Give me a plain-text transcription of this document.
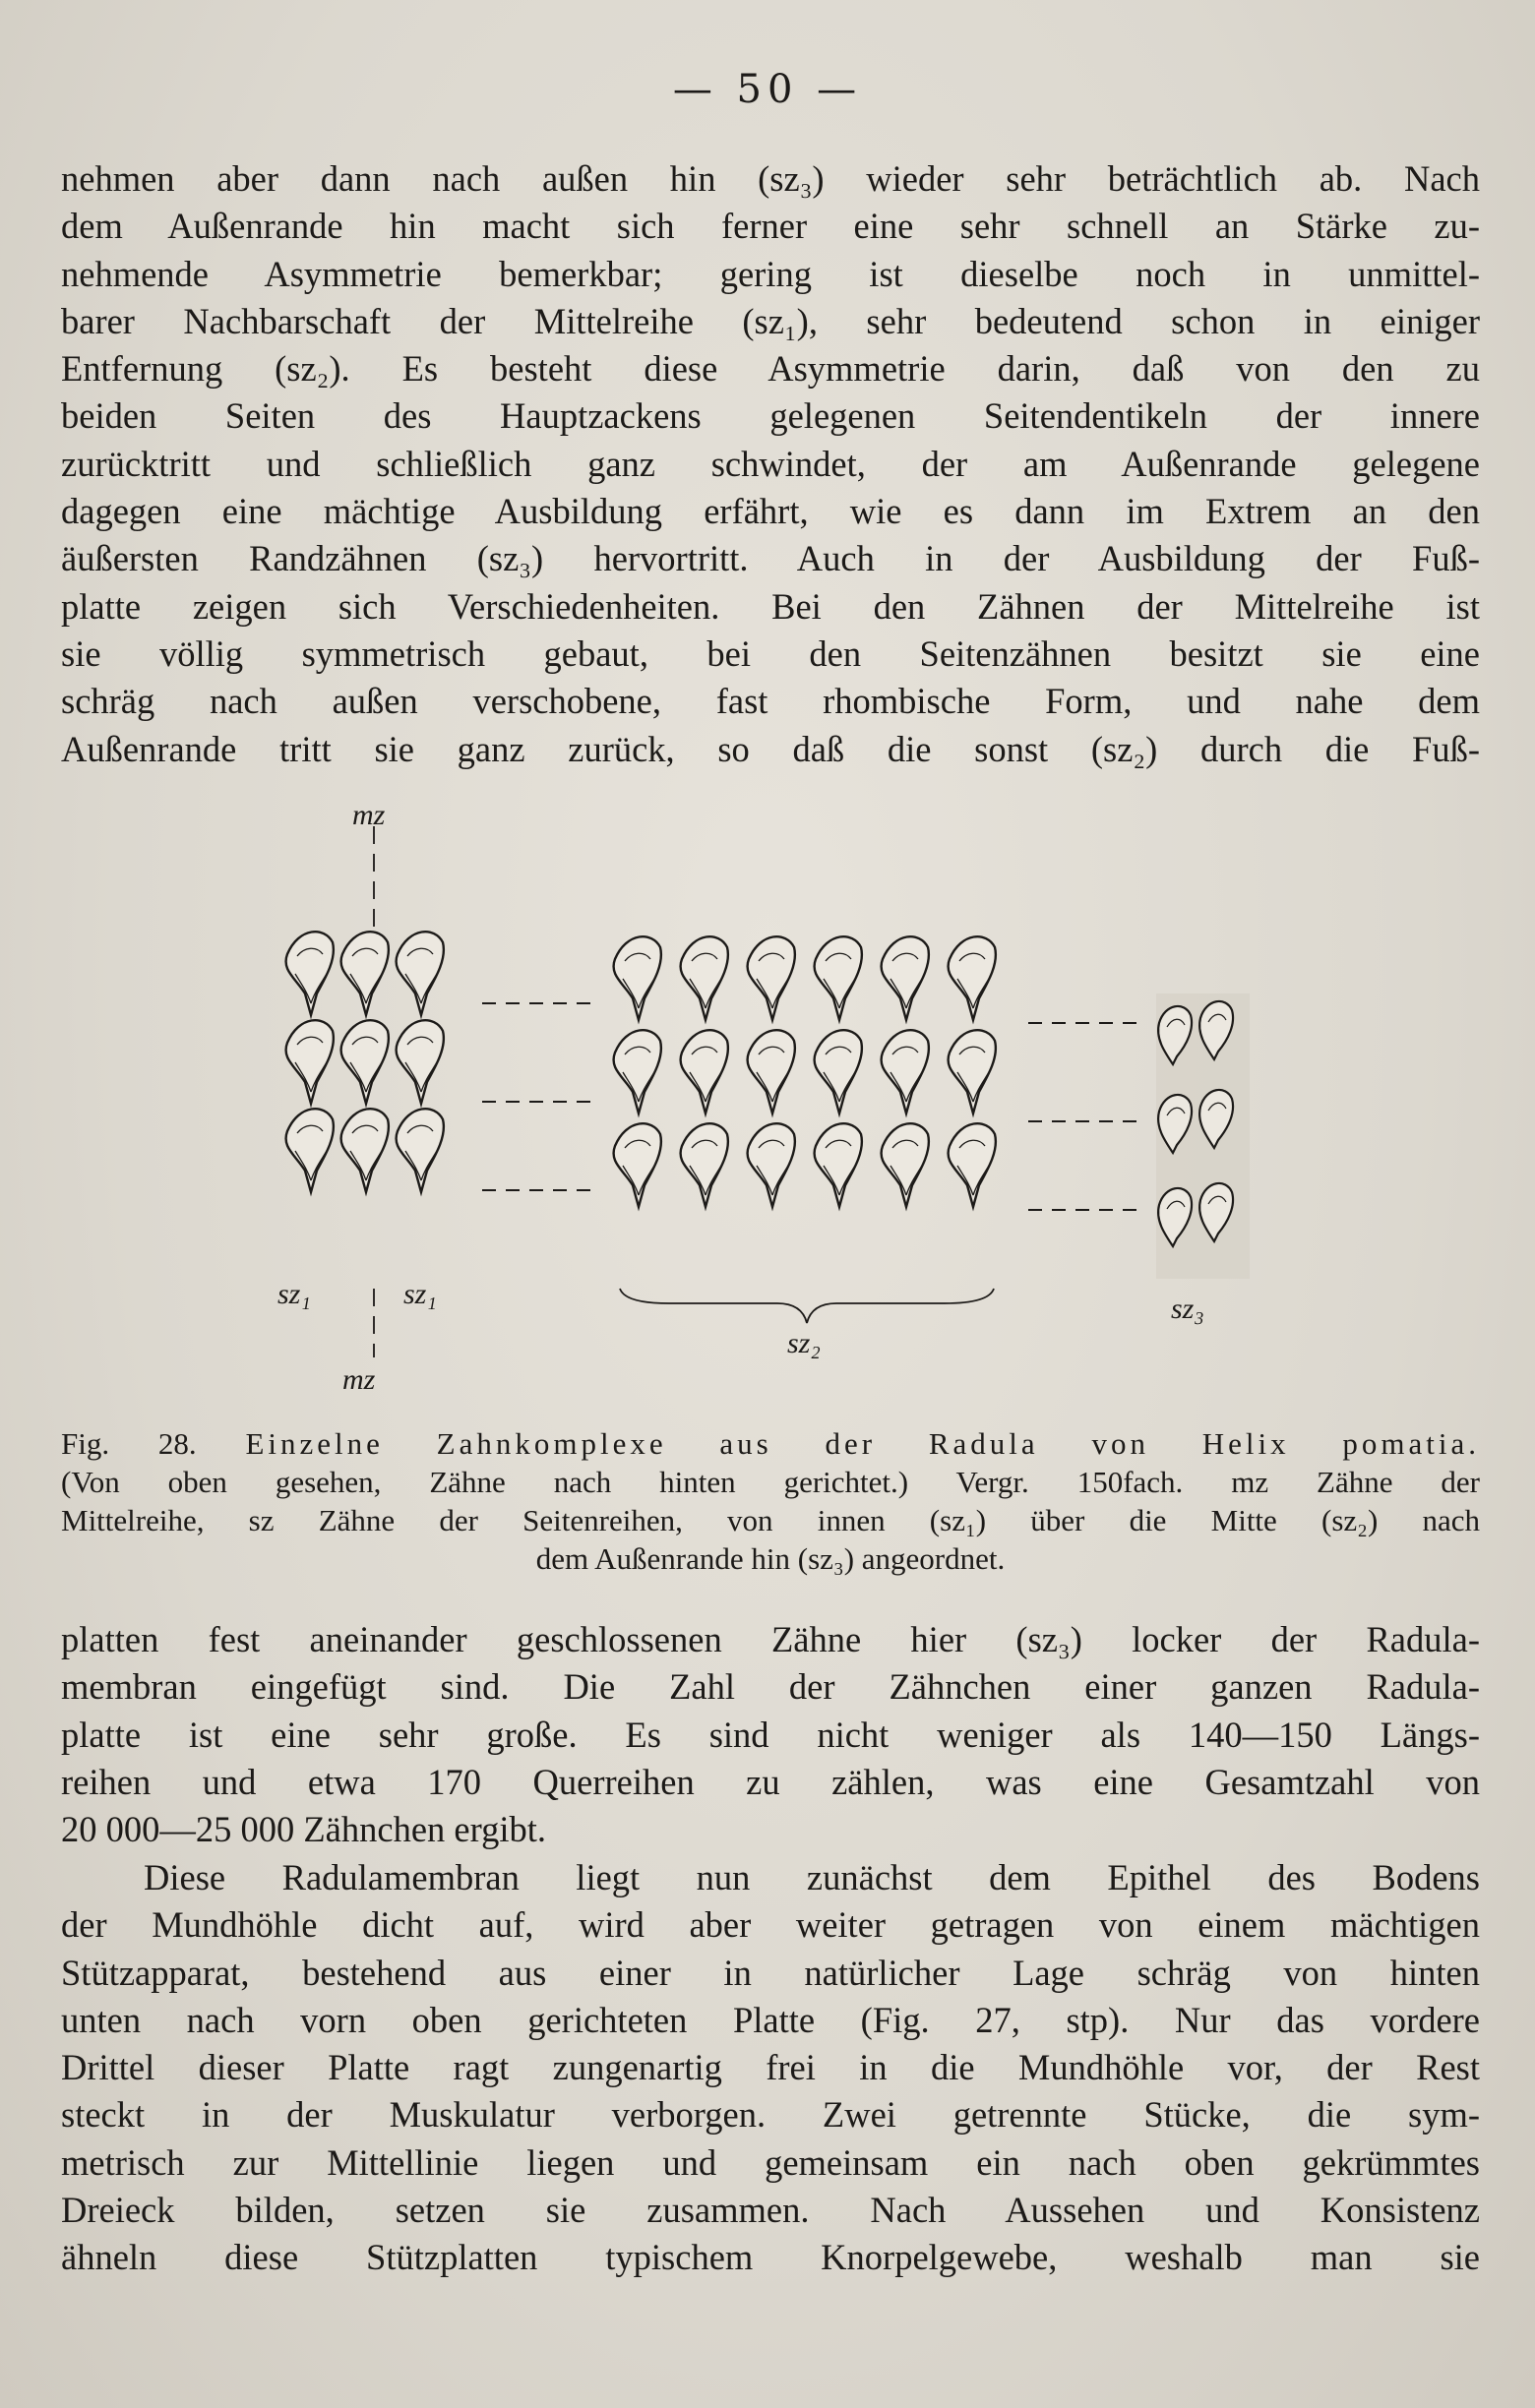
— 50 —

nehmen aber dann nach außen hin (sz₃) wieder sehr beträchtlich ab. Nach
dem Außenrande hin macht sich ferner eine sehr schnell an Stärke zu-
nehmende Asymmetrie bemerkbar; gering ist dieselbe noch in unmittel-
barer Nachbarschaft der Mittelreihe (sz₁), sehr bedeutend schon in einiger
Entfernung (sz₂). Es besteht diese Asymmetrie darin, daß von den zu
beiden Seiten des Hauptzackens gelegenen Seitendentikeln der innere
zurücktritt und schließlich ganz schwindet, der am Außenrande gelegene
dagegen eine mächtige Ausbildung erfährt, wie es dann im Extrem an den
äußersten Randzähnen (sz₃) hervortritt. Auch in der Ausbildung der Fuß-
platte zeigen sich Verschiedenheiten. Bei den Zähnen der Mittelreihe ist
sie völlig symmetrisch gebaut, bei den Seitenzähnen besitzt sie eine
schräg nach außen verschobene, fast rhombische Form, und nahe dem
Außenrande tritt sie ganz zurück, so daß die sonst (sz₂) durch die Fuß-

mz
sz₁	sz₁
mz
sz₂
sz₃
Fig. 28. Einzelne Zahnkomplexe aus der Radula von Helix pomatia.
(Von oben gesehen, Zähne nach hinten gerichtet.) Vergr. 150fach. mz Zähne der
Mittelreihe, sz Zähne der Seitenreihen, von innen (sz₁) über die Mitte (sz₂) nach
dem Außenrande hin (sz₃) angeordnet.

platten fest aneinander geschlossenen Zähne hier (sz₃) locker der Radula-
membran eingefügt sind. Die Zahl der Zähnchen einer ganzen Radula-
platte ist eine sehr große. Es sind nicht weniger als 140—150 Längs-
reihen und etwa 170 Querreihen zu zählen, was eine Gesamtzahl von
20 000—25 000 Zähnchen ergibt.

Diese Radulamembran liegt nun zunächst dem Epithel des Bodens
der Mundhöhle dicht auf, wird aber weiter getragen von einem mächtigen
Stützapparat, bestehend aus einer in natürlicher Lage schräg von hinten
unten nach vorn oben gerichteten Platte (Fig. 27, stp). Nur das vordere
Drittel dieser Platte ragt zungenartig frei in die Mundhöhle vor, der Rest
steckt in der Muskulatur verborgen. Zwei getrennte Stücke, die sym-
metrisch zur Mittellinie liegen und gemeinsam ein nach oben gekrümmtes
Dreieck bilden, setzen sie zusammen. Nach Aussehen und Konsistenz
ähneln diese Stützplatten typischem Knorpelgewebe, weshalb man sie
